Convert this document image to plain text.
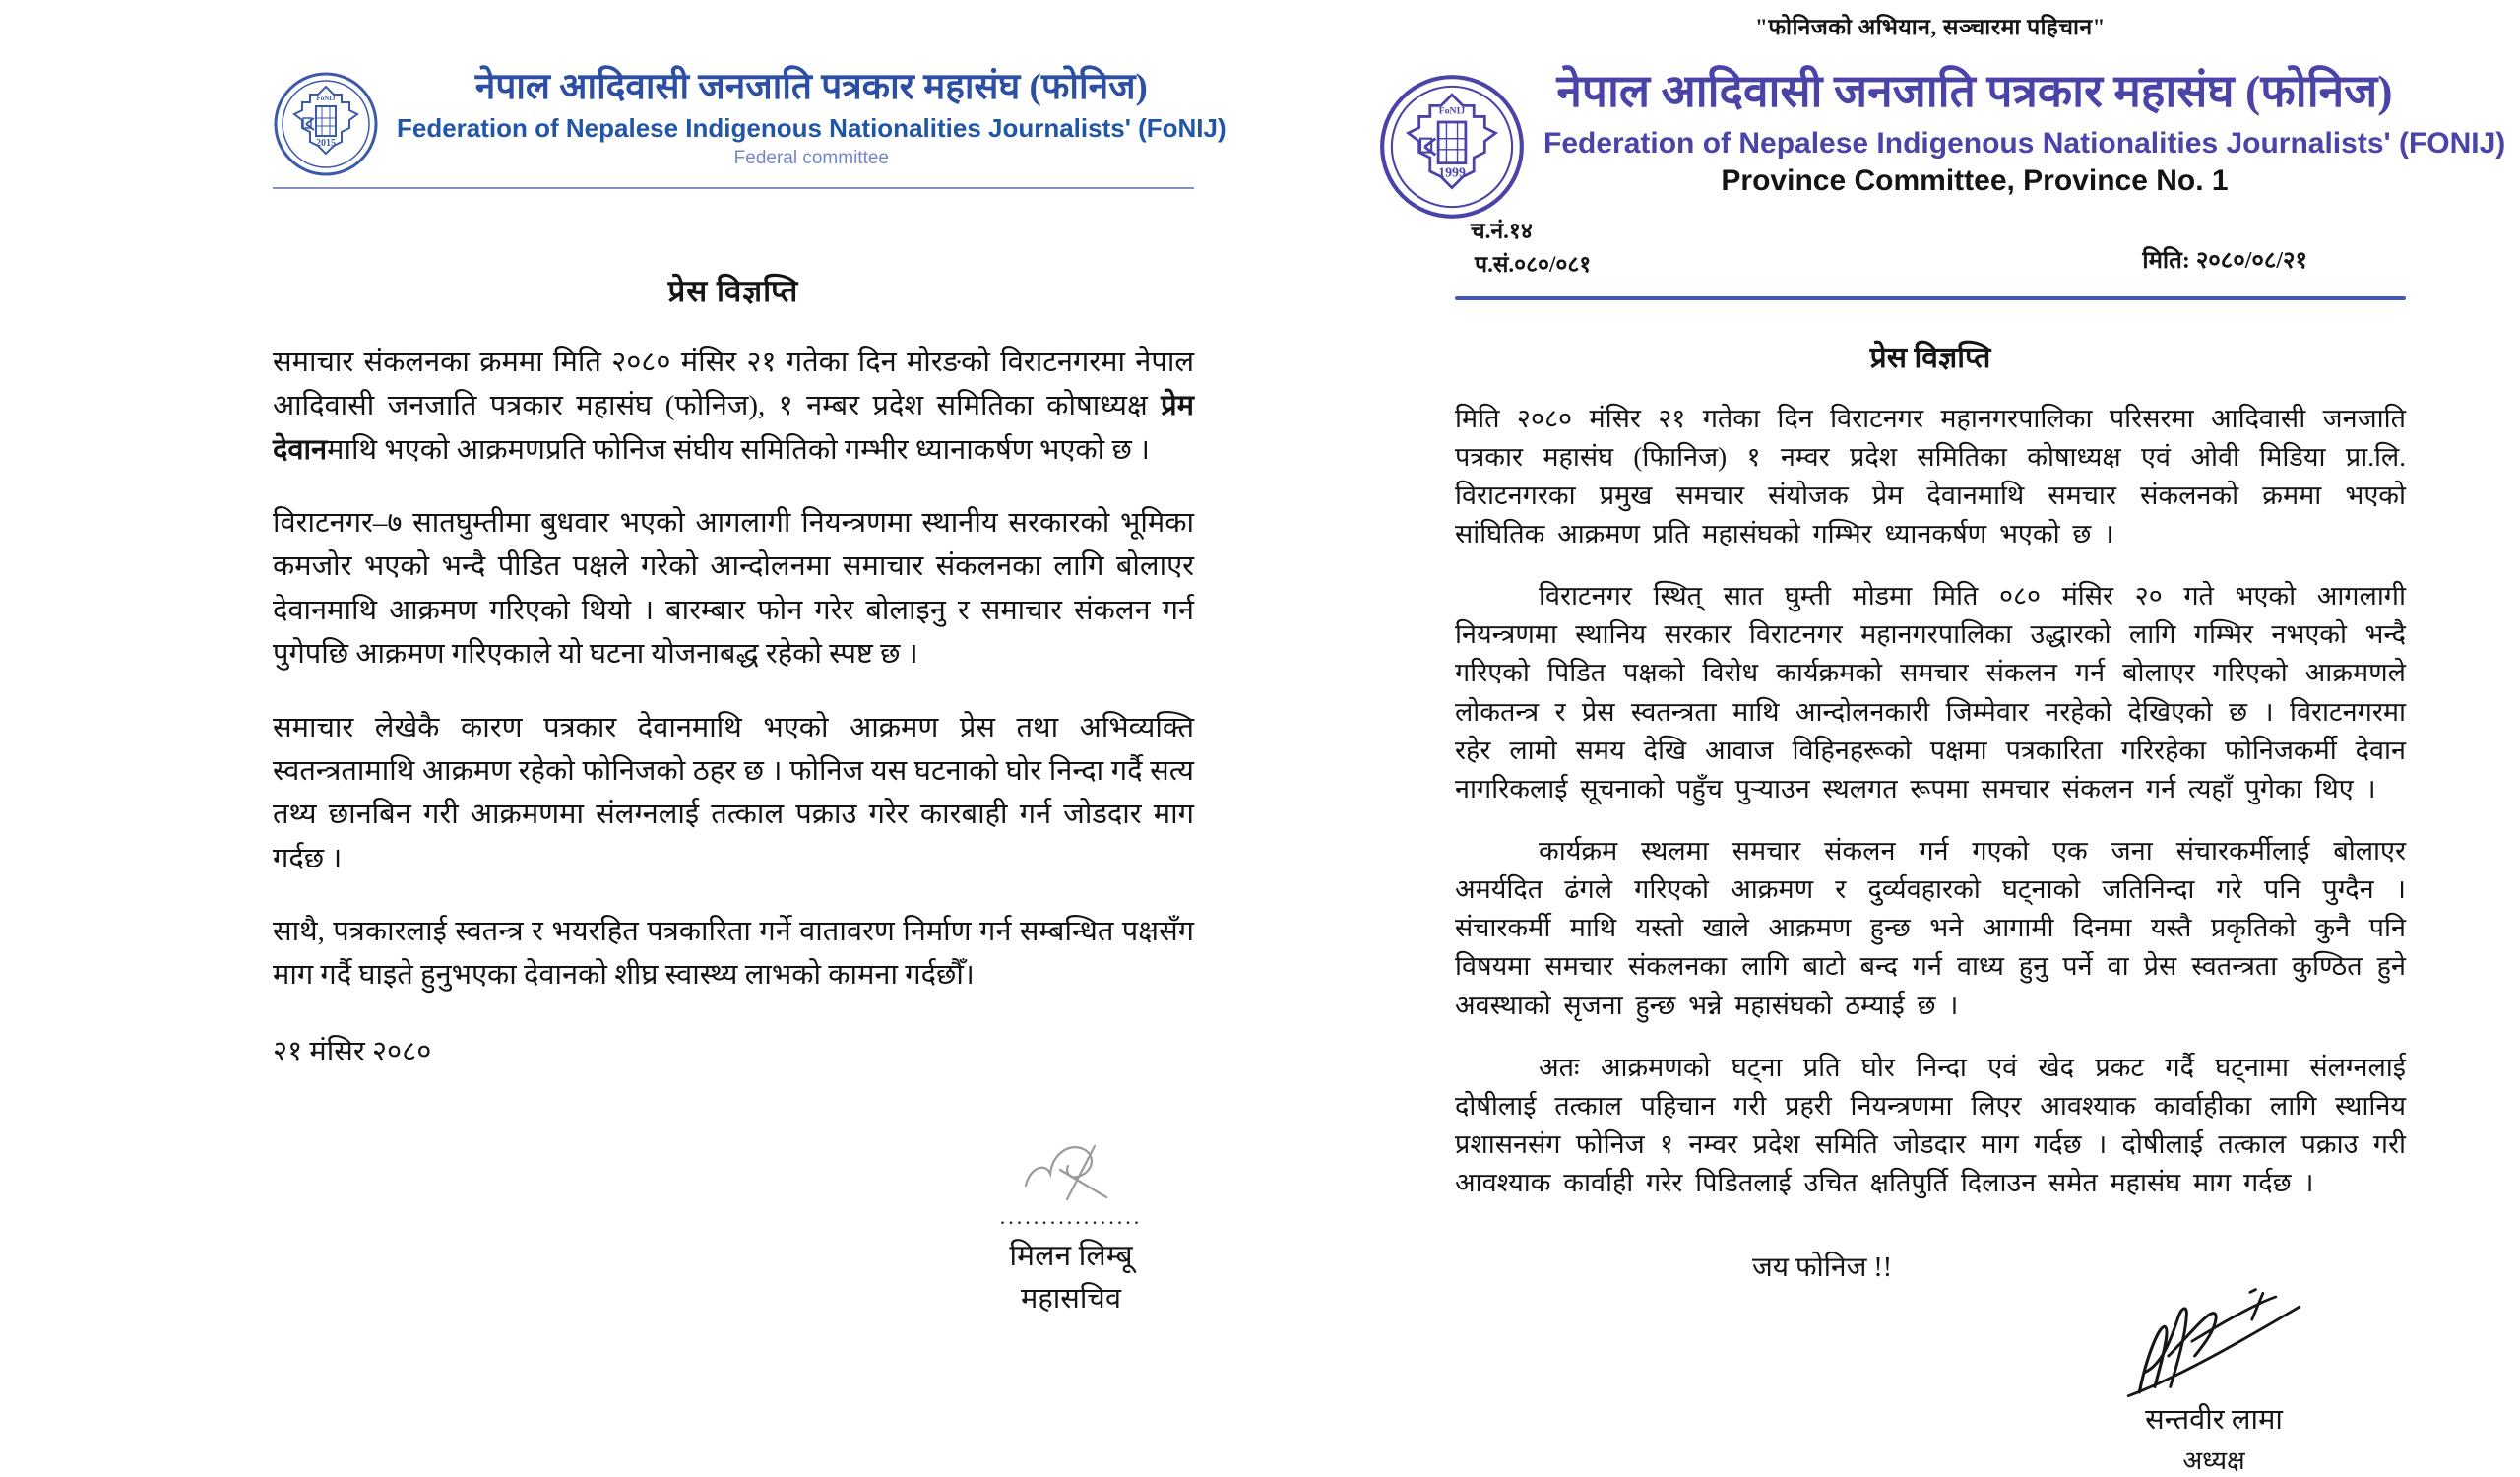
FoNIJ
2015
नेपाल आदिवासी जनजाति पत्रकार महासंघ (फोनिज)
Federation of Nepalese Indigenous Nationalities Journalists' (FoNIJ)
Federal committee
प्रेस विज्ञप्ति

समाचार संकलनका क्रममा मिति २०८० मंसिर २१ गतेका दिन मोरङको विराटनगरमा नेपाल आदिवासी जनजाति पत्रकार महासंघ (फोनिज), १ नम्बर प्रदेश समितिका कोषाध्यक्ष प्रेम देवानमाथि भएको आक्रमणप्रति फोनिज संघीय समितिको गम्भीर ध्यानाकर्षण भएको छ ।

विराटनगर–७ सातघुम्तीमा बुधवार भएको आगलागी नियन्त्रणमा स्थानीय सरकारको भूमिका कमजोर भएको भन्दै पीडित पक्षले गरेको आन्दोलनमा समाचार संकलनका लागि बोलाएर देवानमाथि आक्रमण गरिएको थियो । बारम्बार फोन गरेर बोलाइनु र समाचार संकलन गर्न पुगेपछि आक्रमण गरिएकाले यो घटना योजनाबद्ध रहेको स्पष्ट छ ।

समाचार लेखेकै कारण पत्रकार देवानमाथि भएको आक्रमण प्रेस तथा अभिव्यक्ति स्वतन्त्रतामाथि आक्रमण रहेको फोनिजको ठहर छ । फोनिज यस घटनाको घोर निन्दा गर्दै सत्य तथ्य छानबिन गरी आक्रमणमा संलग्नलाई तत्काल पक्राउ गरेर कारबाही गर्न जोडदार माग गर्दछ ।

साथै, पत्रकारलाई स्वतन्त्र र भयरहित पत्रकारिता गर्ने वातावरण निर्माण गर्न सम्बन्धित पक्षसँग माग गर्दै घाइते हुनुभएका देवानको शीघ्र स्वास्थ्य लाभको कामना गर्दछौँ।

२१ मंसिर २०८०
.................
मिलन लिम्बू
महासचिव
"फोनिजको अभियान, सञ्चारमा पहिचान"
FoNIJ
1999
नेपाल आदिवासी जनजाति पत्रकार महासंघ (फोनिज)
Federation of Nepalese Indigenous Nationalities Journalists' (FONIJ)
Province Committee, Province No. 1
च.नं.१४
प.सं.०८०/०८१	मिति: २०८०/०८/२१
प्रेस विज्ञप्ति

मिति २०८० मंसिर २१ गतेका दिन विराटनगर महानगरपालिका परिसरमा आदिवासी जनजाति पत्रकार महासंघ (फिानिज) १ नम्वर प्रदेश समितिका कोषाध्यक्ष एवं ओवी मिडिया प्रा.लि. विराटनगरका प्रमुख समचार संयोजक प्रेम देवानमाथि समचार संकलनको क्रममा भएको सांघितिक आक्रमण प्रति महासंघको गम्भिर ध्यानकर्षण भएको छ ।

विराटनगर स्थित् सात घुम्ती मोडमा मिति ०८० मंसिर २० गते भएको आगलागी नियन्त्रणमा स्थानिय सरकार विराटनगर महानगरपालिका उद्धारको लागि गम्भिर नभएको भन्दै गरिएको पिडित पक्षको विरोध कार्यक्रमको समचार संकलन गर्न बोलाएर गरिएको आक्रमणले लोकतन्त्र र प्रेस स्वतन्त्रता माथि आन्दोलनकारी जिम्मेवार नरहेको देखिएको छ । विराटनगरमा रहेर लामो समय देखि आवाज विहिनहरूको पक्षमा पत्रकारिता गरिरहेका फोनिजकर्मी देवान नागरिकलाई सूचनाको पहुँच पुऱ्याउन स्थलगत रूपमा समचार संकलन गर्न त्यहाँ पुगेका थिए ।

कार्यक्रम स्थलमा समचार संकलन गर्न गएको एक जना संचारकर्मीलाई बोलाएर अमर्यदित ढंगले गरिएको आक्रमण र दुर्व्यवहारको घट्नाको जतिनिन्दा गरे पनि पुग्दैन । संचारकर्मी माथि यस्तो खाले आक्रमण हुन्छ भने आगामी दिनमा यस्तै प्रकृतिको कुनै पनि विषयमा समचार संकलनका लागि बाटो बन्द गर्न वाध्य हुनु पर्ने वा प्रेस स्वतन्त्रता कुण्ठित हुने अवस्थाको सृजना हुन्छ भन्ने महासंघको ठम्याई छ ।

अतः आक्रमणको घट्ना प्रति घोर निन्दा एवं खेद प्रकट गर्दै घट्नामा संलग्नलाई दोषीलाई तत्काल पहिचान गरी प्रहरी नियन्त्रणमा लिएर आवश्याक कार्वाहीका लागि स्थानिय प्रशासनसंग फोनिज १ नम्वर प्रदेश समिति जोडदार माग गर्दछ । दोषीलाई तत्काल पक्राउ गरी आवश्याक कार्वाही गरेर पिडितलाई उचित क्षतिपुर्ति दिलाउन समेत महासंघ माग गर्दछ ।

जय फोनिज !!
सन्तवीर लामा
अध्यक्ष
